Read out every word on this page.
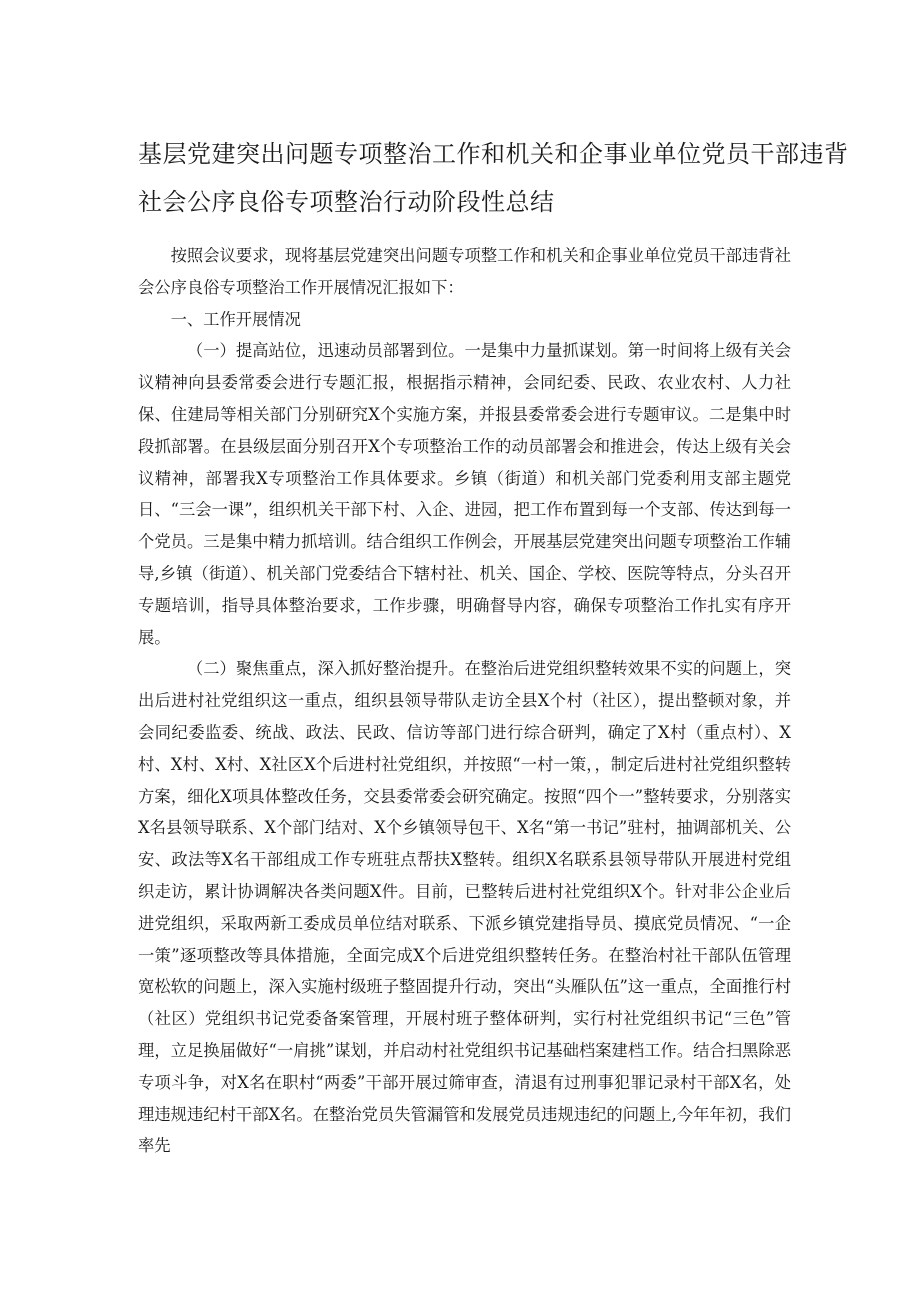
基层党建突出问题专项整治工作和机关和企事业单位党员干部违背
社会公序良俗专项整治行动阶段性总结

按照会议要求，现将基层党建突出问题专项整工作和机关和企事业单位党员干部违背社会公序良俗专项整治工作开展情况汇报如下：

一、工作开展情况

（一）提高站位，迅速动员部署到位。一是集中力量抓谋划。第一时间将上级有关会议精神向县委常委会进行专题汇报，根据指示精神，会同纪委、民政、农业农村、人力社保、住建局等相关部门分别研究X个实施方案，并报县委常委会进行专题审议。二是集中时段抓部署。在县级层面分别召开X个专项整治工作的动员部署会和推进会，传达上级有关会议精神，部署我X专项整治工作具体要求。乡镇（街道）和机关部门党委利用支部主题党日、“三会一课”，组织机关干部下村、入企、进园，把工作布置到每一个支部、传达到每一个党员。三是集中精力抓培训。结合组织工作例会，开展基层党建突出问题专项整治工作辅导,乡镇（街道）、机关部门党委结合下辖村社、机关、国企、学校、医院等特点，分头召开专题培训，指导具体整治要求，工作步骤，明确督导内容，确保专项整治工作扎实有序开展。

（二）聚焦重点，深入抓好整治提升。在整治后进党组织整转效果不实的问题上，突出后进村社党组织这一重点，组织县领导带队走访全县X个村（社区），提出整顿对象，并会同纪委监委、统战、政法、民政、信访等部门进行综合研判，确定了X村（重点村）、X村、X村、X村、X社区X个后进村社党组织，并按照“一村一策，，制定后进村社党组织整转方案，细化X项具体整改任务，交县委常委会研究确定。按照“四个一”整转要求，分别落实X名县领导联系、X个部门结对、X个乡镇领导包干、X名“第一书记”驻村，抽调部机关、公安、政法等X名干部组成工作专班驻点帮扶X整转。组织X名联系县领导带队开展进村党组织走访，累计协调解决各类问题X件。目前，已整转后进村社党组织X个。针对非公企业后进党组织，采取两新工委成员单位结对联系、下派乡镇党建指导员、摸底党员情况、“一企一策”逐项整改等具体措施，全面完成X个后进党组织整转任务。在整治村社干部队伍管理宽松软的问题上，深入实施村级班子整固提升行动，突出“头雁队伍”这一重点，全面推行村（社区）党组织书记党委备案管理，开展村班子整体研判，实行村社党组织书记“三色”管理，立足换届做好“一肩挑”谋划，并启动村社党组织书记基础档案建档工作。结合扫黑除恶专项斗争，对X名在职村“两委”干部开展过筛审查，清退有过刑事犯罪记录村干部X名，处理违规违纪村干部X名。在整治党员失管漏管和发展党员违规违纪的问题上,今年年初，我们率先
